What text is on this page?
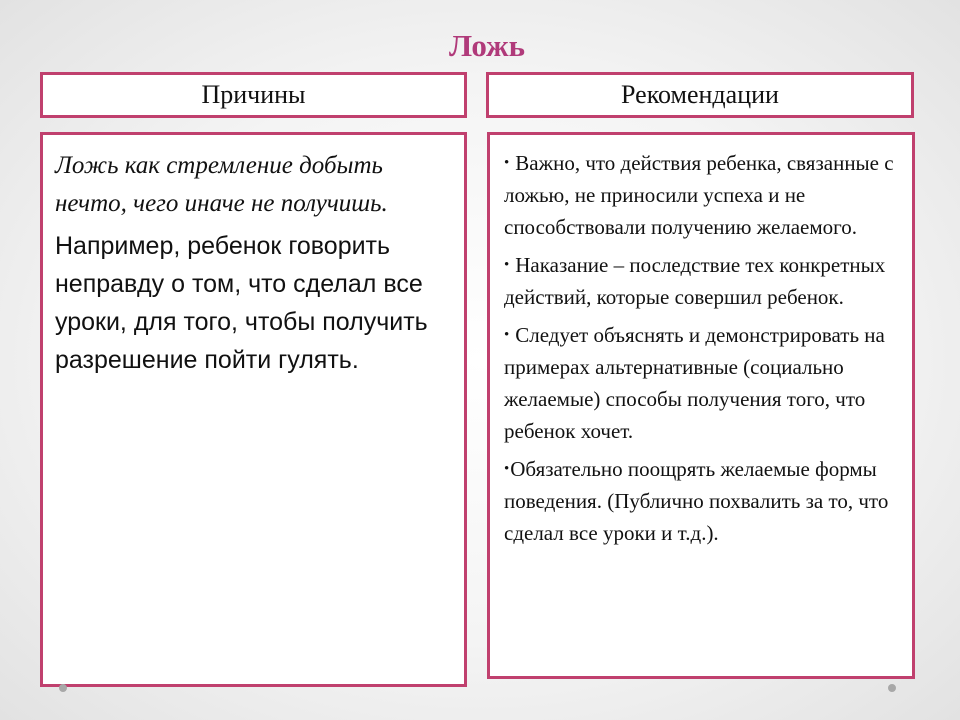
Ложь
Причины	Рекомендации

Ложь как стремление добыть нечто, чего иначе не получишь.

Например, ребенок говорить неправду о том, что сделал все  уроки, для того, чтобы получить разрешение пойти гулять.

• Важно, что действия ребенка, связанные с ложью, не приносили успеха и не способствовали получению желаемого.
• Наказание – последствие тех конкретных действий, которые совершил ребенок.
• Следует объяснять и демонстрировать на примерах альтернативные (социально желаемые) способы получения того, что ребенок хочет.
•Обязательно поощрять желаемые формы поведения. (Публично похвалить за то, что сделал все уроки и т.д.).
